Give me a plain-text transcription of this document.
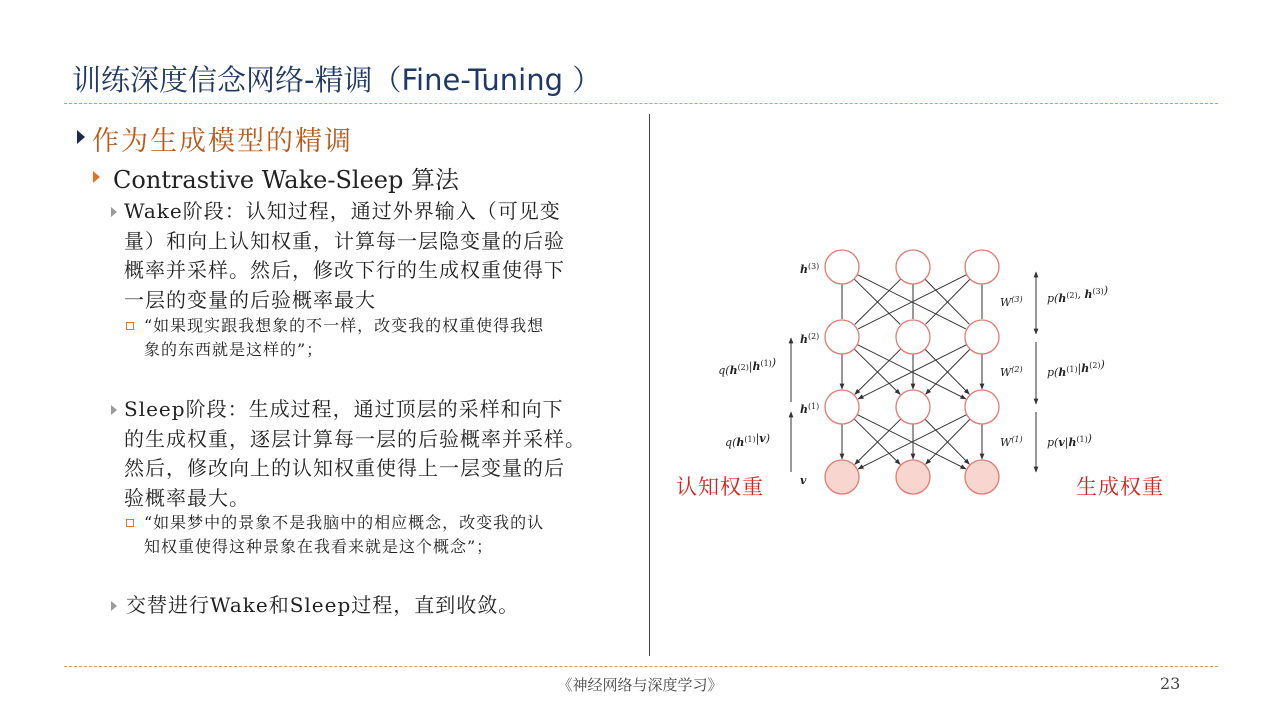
训练深度信念网络-精调（Fine-Tuning ）

作为生成模型的精调

Contrastive Wake-Sleep 算法

Wake阶段：认知过程，通过外界输入（可见变
量）和向上认知权重，计算每一层隐变量的后验
概率并采样。然后，修改下行的生成权重使得下
一层的变量的后验概率最大
“如果现实跟我想象的不一样，改变我的权重使得我想
象的东西就是这样的”；
Sleep阶段：生成过程，通过顶层的采样和向下
的生成权重，逐层计算每一层的后验概率并采样。
然后，修改向上的认知权重使得上一层变量的后
验概率最大。
“如果梦中的景象不是我脑中的相应概念，改变我的认
知权重使得这种景象在我看来就是这个概念”；

交替进行Wake和Sleep过程，直到收敛。

认知权重	生成权重
$h^{(3)}$
$h^{(2)}$
$h^{(1)}$
v
$W^{(3)}$
$W^{(2)}$
$W^{(1)}$
$q(h^{(2)}|h^{(1)})$
$q(h^{(1)}|v)$
$p(h^{(2)}$, $h^{(3)}$)
$p(h^{(1)}|h^{(2)})$
$p(v|h^{(1)})$
《神经网络与深度学习》	23
